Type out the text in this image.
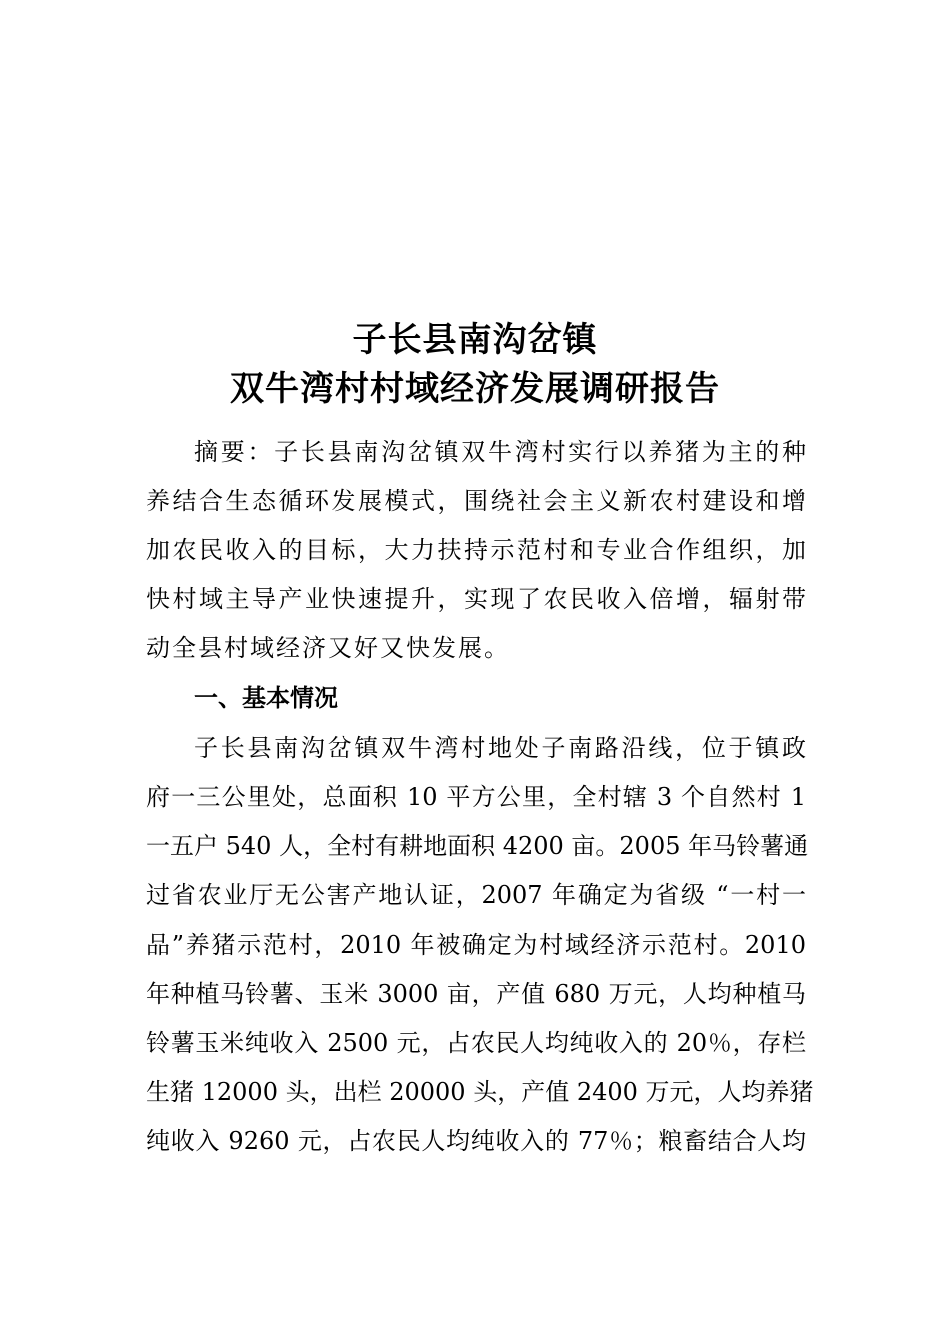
子长县南沟岔镇
双牛湾村村域经济发展调研报告
摘要：子长县南沟岔镇双牛湾村实行以养猪为主的种
养结合生态循环发展模式，围绕社会主义新农村建设和增
加农民收入的目标，大力扶持示范村和专业合作组织，加
快村域主导产业快速提升，实现了农民收入倍增，辐射带
动全县村域经济又好又快发展。
一、基本情况
子长县南沟岔镇双牛湾村地处子南路沿线，位于镇政
府一三公里处，总面积 10 平方公里，全村辖 3 个自然村 1
一五户 540 人，全村有耕地面积 4200 亩。2005 年马铃薯通
过省农业厅无公害产地认证，2007 年确定为省级 “一村一
品”养猪示范村，2010 年被确定为村域经济示范村。2010
年种植马铃薯、玉米 3000 亩，产值 680 万元，人均种植马
铃薯玉米纯收入 2500 元，占农民人均纯收入的 20％，存栏
生猪 12000 头，出栏 20000 头，产值 2400 万元，人均养猪
纯收入 9260 元，占农民人均纯收入的 77％；粮畜结合人均
